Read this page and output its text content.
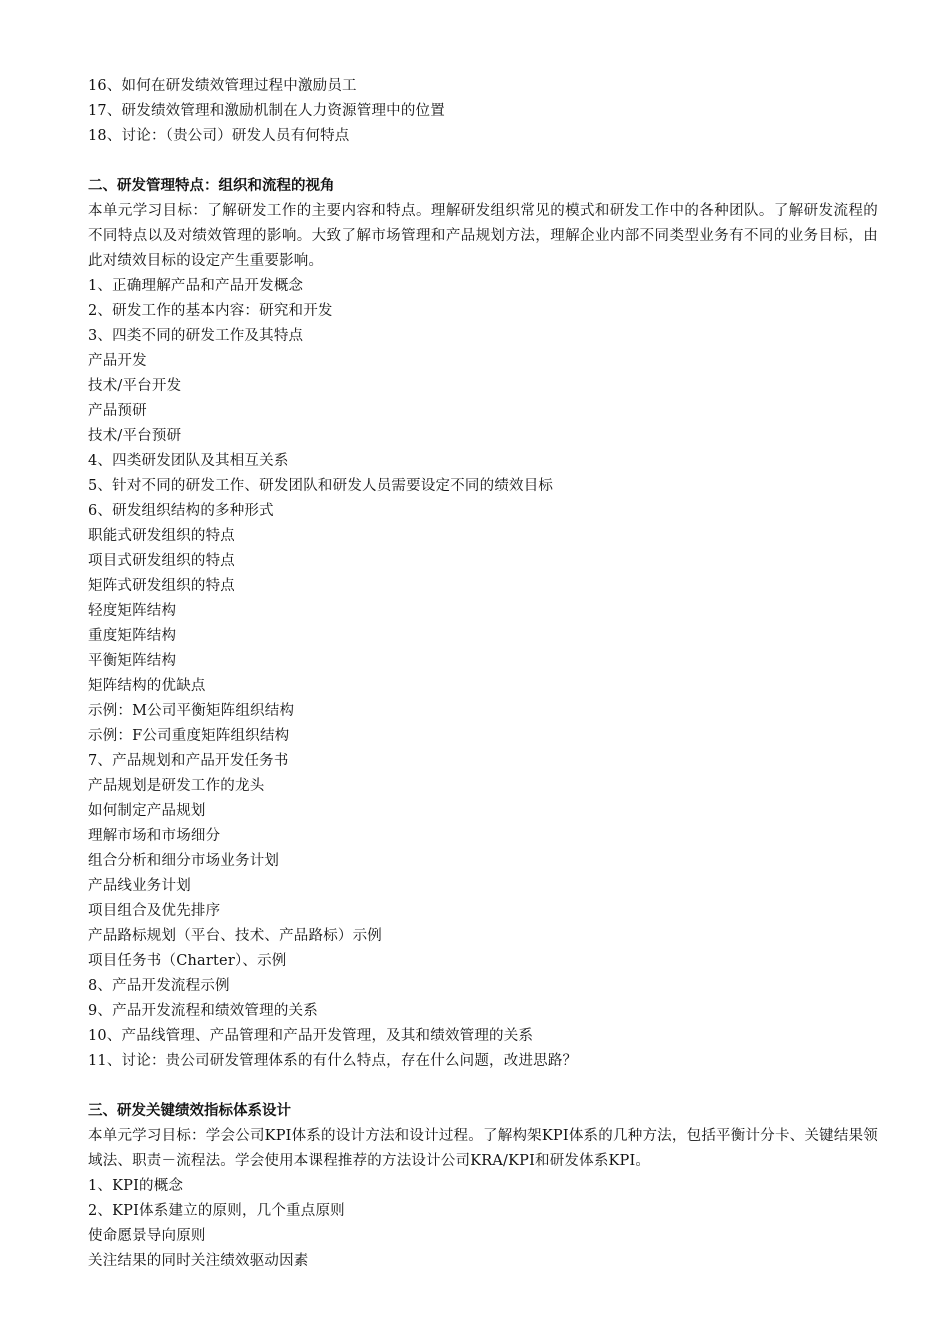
16、如何在研发绩效管理过程中激励员工
17、研发绩效管理和激励机制在人力资源管理中的位置
18、讨论：（贵公司）研发人员有何特点
二、研发管理特点：组织和流程的视角
本单元学习目标：了解研发工作的主要内容和特点。理解研发组织常见的模式和研发工作中的各种团队。了解研发流程的不同特点以及对绩效管理的影响。大致了解市场管理和产品规划方法，理解企业内部不同类型业务有不同的业务目标，由此对绩效目标的设定产生重要影响。
1、正确理解产品和产品开发概念
2、研发工作的基本内容：研究和开发
3、四类不同的研发工作及其特点
产品开发
技术/平台开发
产品预研
技术/平台预研
4、四类研发团队及其相互关系
5、针对不同的研发工作、研发团队和研发人员需要设定不同的绩效目标
6、研发组织结构的多种形式
职能式研发组织的特点
项目式研发组织的特点
矩阵式研发组织的特点
轻度矩阵结构
重度矩阵结构
平衡矩阵结构
矩阵结构的优缺点
示例：M公司平衡矩阵组织结构
示例：F公司重度矩阵组织结构
7、产品规划和产品开发任务书
产品规划是研发工作的龙头
如何制定产品规划
理解市场和市场细分
组合分析和细分市场业务计划
产品线业务计划
项目组合及优先排序
产品路标规划（平台、技术、产品路标）示例
项目任务书（Charter）、示例
8、产品开发流程示例
9、产品开发流程和绩效管理的关系
10、产品线管理、产品管理和产品开发管理，及其和绩效管理的关系
11、讨论：贵公司研发管理体系的有什么特点，存在什么问题，改进思路？
三、研发关键绩效指标体系设计
本单元学习目标：学会公司KPI体系的设计方法和设计过程。了解构架KPI体系的几种方法，包括平衡计分卡、关键结果领域法、职责－流程法。学会使用本课程推荐的方法设计公司KRA/KPI和研发体系KPI。
1、KPI的概念
2、KPI体系建立的原则，几个重点原则
使命愿景导向原则
关注结果的同时关注绩效驱动因素
